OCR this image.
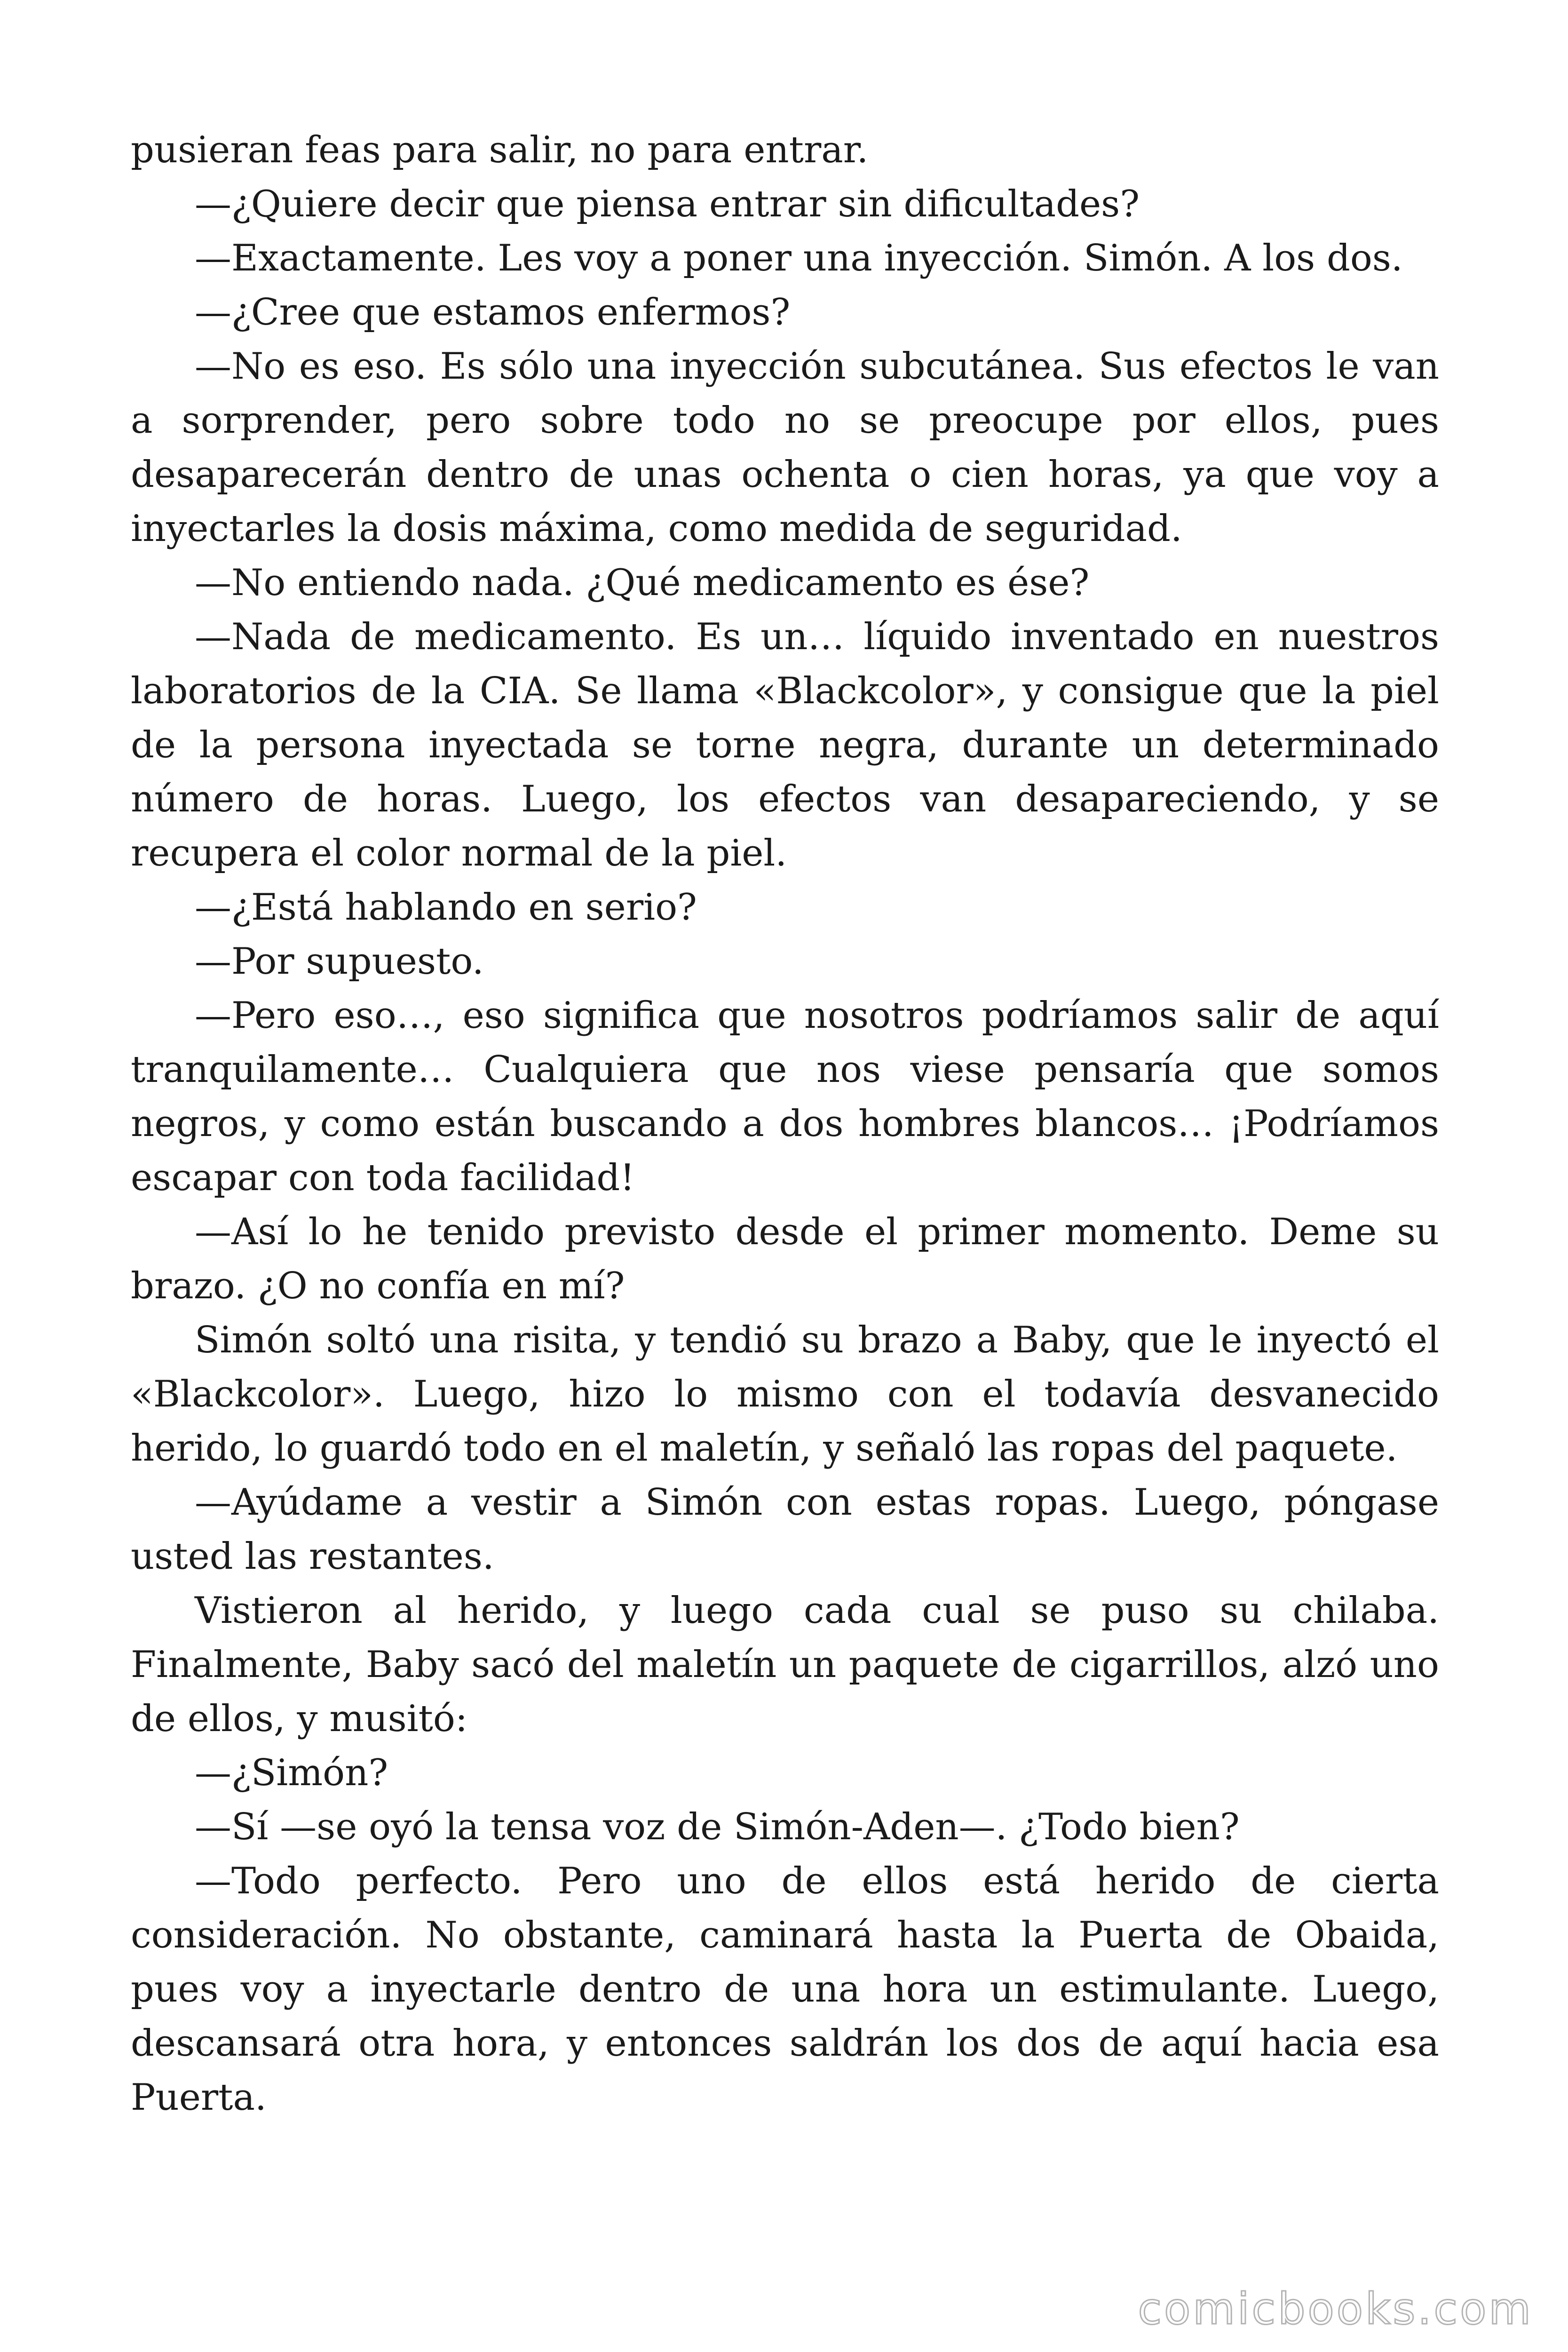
pusieran feas para salir, no para entrar.

—¿Quiere decir que piensa entrar sin dificultades?

—Exactamente. Les voy a poner una inyección. Simón. A los dos.

—¿Cree que estamos enfermos?

—No es eso. Es sólo una inyección subcutánea. Sus efectos le van a sorprender, pero sobre todo no se preocupe por ellos, pues desaparecerán dentro de unas ochenta o cien horas, ya que voy a inyectarles la dosis máxima, como medida de seguridad.

—No entiendo nada. ¿Qué medicamento es ése?

—Nada de medicamento. Es un… líquido inventado en nuestros laboratorios de la CIA. Se llama «Blackcolor», y consigue que la piel de la persona inyectada se torne negra, durante un determinado número de horas. Luego, los efectos van desapareciendo, y se recupera el color normal de la piel.

—¿Está hablando en serio?

—Por supuesto.

—Pero eso…, eso significa que nosotros podríamos salir de aquí tranquilamente… Cualquiera que nos viese pensaría que somos negros, y como están buscando a dos hombres blancos… ¡Podríamos escapar con toda facilidad!

—Así lo he tenido previsto desde el primer momento. Deme su brazo. ¿O no confía en mí?

Simón soltó una risita, y tendió su brazo a Baby, que le inyectó el «Blackcolor». Luego, hizo lo mismo con el todavía desvanecido herido, lo guardó todo en el maletín, y señaló las ropas del paquete.

—Ayúdame a vestir a Simón con estas ropas. Luego, póngase usted las restantes.

Vistieron al herido, y luego cada cual se puso su chilaba. Finalmente, Baby sacó del maletín un paquete de cigarrillos, alzó uno de ellos, y musitó:

—¿Simón?

—Sí —se oyó la tensa voz de Simón-Aden—. ¿Todo bien?

—Todo perfecto. Pero uno de ellos está herido de cierta consideración. No obstante, caminará hasta la Puerta de Obaida, pues voy a inyectarle dentro de una hora un estimulante. Luego, descansará otra hora, y entonces saldrán los dos de aquí hacia esa Puerta.

comicbooks.com
